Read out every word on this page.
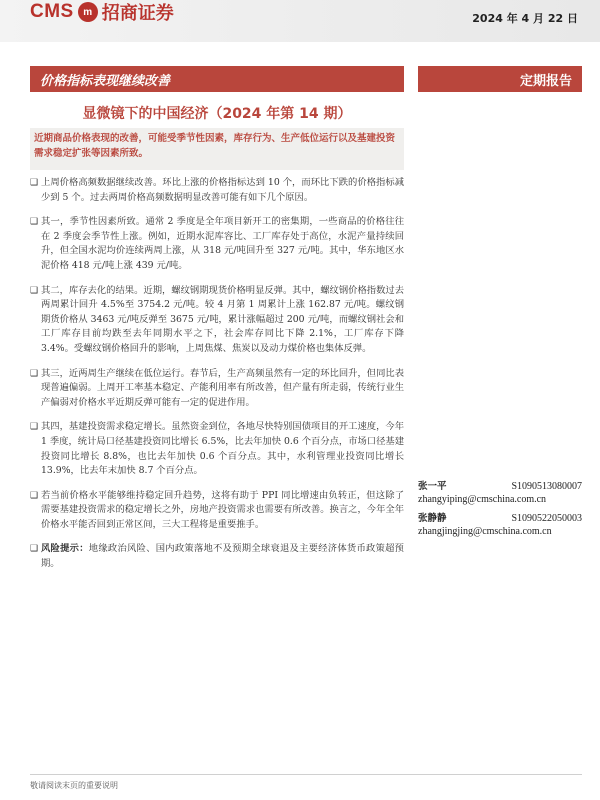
CMS m 招商证券	2024 年 4 月 22 日
价格指标表现继续改善	定期报告
显微镜下的中国经济（2024 年第 14 期）
近期商品价格表现的改善，可能受季节性因素，库存行为、生产低位运行以及基建投资需求稳定扩张等因素所致。
❑ 上周价格高频数据继续改善。环比上涨的价格指标达到 10 个，而环比下跌的价格指标减少到 5 个。过去两周价格高频数据明显改善可能有如下几个原因。
❑ 其一，季节性因素所致。通常 2 季度是全年项目新开工的密集期，一些商品的价格往往在 2 季度会季节性上涨。例如，近期水泥库容比、工厂库存处于高位，水泥产量持续回升，但全国水泥均价连续两周上涨，从 318 元/吨回升至 327 元/吨。其中，华东地区水泥价格 418 元/吨上涨 439 元/吨。
❑ 其二，库存去化的结果。近期，螺纹钢期现货价格明显反弹。其中，螺纹钢价格指数过去两周累计回升 4.5%至 3754.2 元/吨。较 4 月第 1 周累计上涨 162.87 元/吨。螺纹钢期货价格从 3463 元/吨反弹至 3675 元/吨，累计涨幅超过 200 元/吨，而螺纹钢社会和工厂库存目前均跌至去年同期水平之下，社会库存同比下降 2.1%，工厂库存下降 3.4%。受螺纹钢价格回升的影响，上周焦煤、焦炭以及动力煤价格也集体反弹。
❑ 其三，近两周生产继续在低位运行。春节后，生产高频虽然有一定的环比回升，但同比表现普遍偏弱。上周开工率基本稳定、产能利用率有所改善，但产量有所走弱，传统行业生产偏弱对价格水平近期反弹可能有一定的促进作用。
❑ 其四，基建投资需求稳定增长。虽然资金到位，各地尽快特别国债项目的开工速度，今年 1 季度，统计局口径基建投资同比增长 6.5%，比去年加快 0.6 个百分点，市场口径基建投资同比增长 8.8%，也比去年加快 0.6 个百分点。其中，水利管理业投资同比增长 13.9%，比去年末加快 8.7 个百分点。
❑ 若当前价格水平能够维持稳定回升趋势，这将有助于 PPI 同比增速由负转正，但这除了需要基建投资需求的稳定增长之外，房地产投资需求也需要有所改善。换言之，今年全年价格水平能否回到正常区间，三大工程将是重要推手。
❑ 风险提示：地缘政治风险、国内政策落地不及预期全球衰退及主要经济体货币政策超预期。
张一平	S1090513080007
zhangyiping@cmschina.com.cn
张静静	S1090522050003
zhangjingjing@cmschina.com.cn
敬请阅读末页的重要说明
